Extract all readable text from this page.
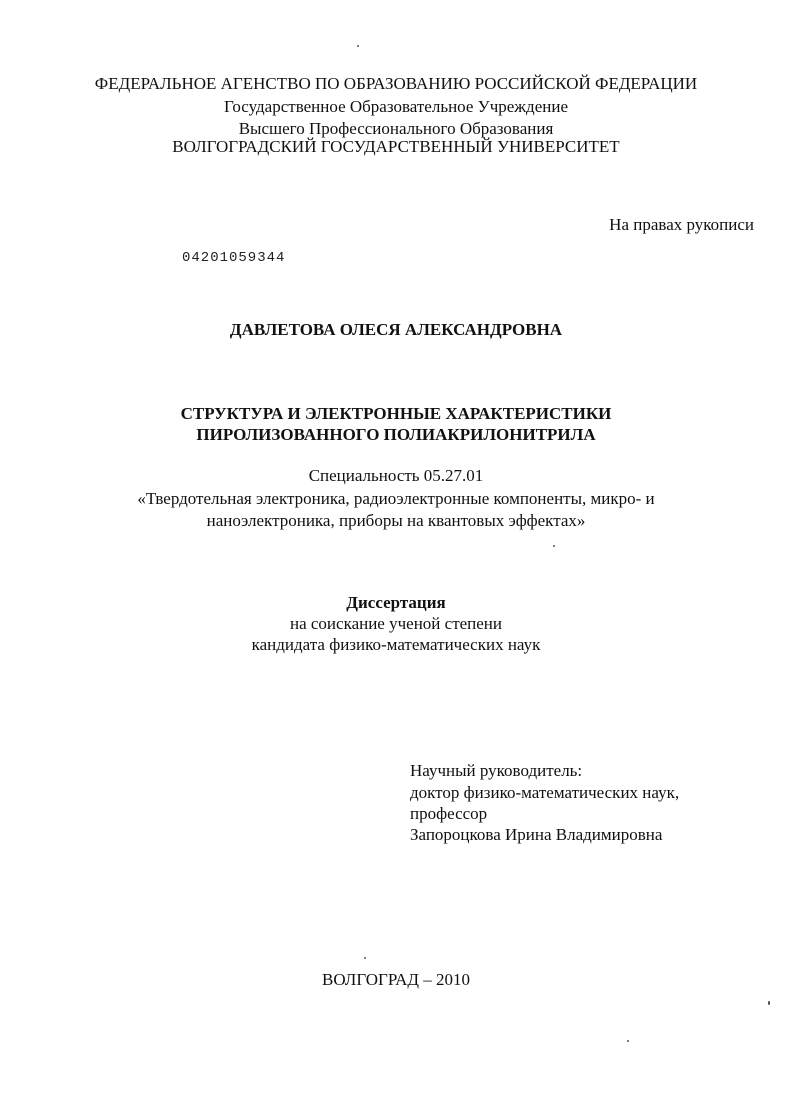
ФЕДЕРАЛЬНОЕ АГЕНСТВО ПО ОБРАЗОВАНИЮ РОССИЙСКОЙ ФЕДЕРАЦИИ
Государственное Образовательное Учреждение
Высшего Профессионального Образования
ВОЛГОГРАДСКИЙ ГОСУДАРСТВЕННЫЙ УНИВЕРСИТЕТ
На правах рукописи
04201059344
ДАВЛЕТОВА ОЛЕСЯ АЛЕКСАНДРОВНА
СТРУКТУРА И ЭЛЕКТРОННЫЕ ХАРАКТЕРИСТИКИ
ПИРОЛИЗОВАННОГО ПОЛИАКРИЛОНИТРИЛА
Специальность 05.27.01
«Твердотельная электроника, радиоэлектронные компоненты, микро- и
наноэлектроника, приборы на квантовых эффектах»
Диссертация
на соискание ученой степени
кандидата физико-математических наук
Научный руководитель:
доктор физико-математических наук,
профессор
Запороцкова Ирина Владимировна
ВОЛГОГРАД – 2010
